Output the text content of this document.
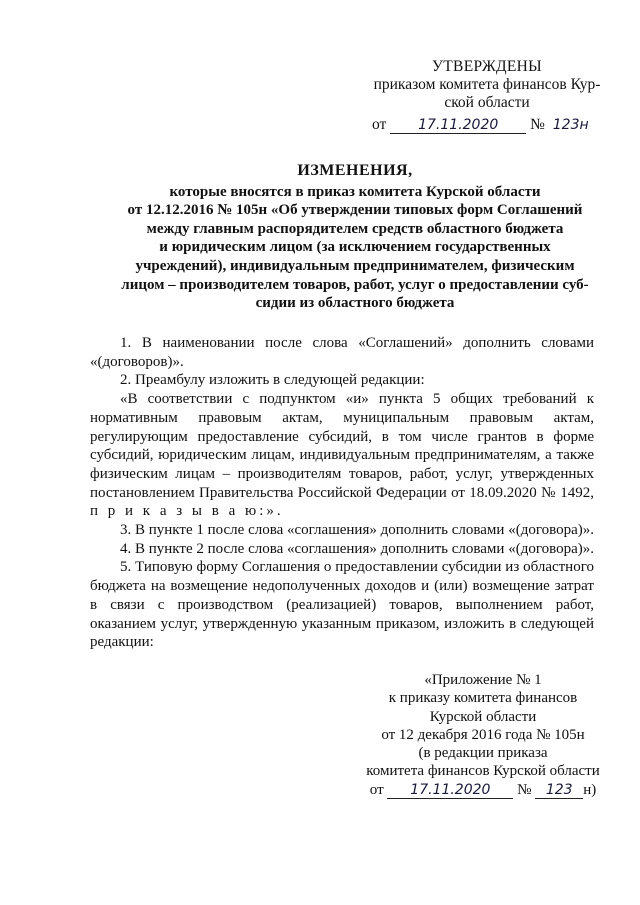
УТВЕРЖДЕНЫ
приказом комитета финансов Кур-
ской области
от 17.11.2020 № 123н
ИЗМЕНЕНИЯ,
которые вносятся в приказ комитета Курской области
от 12.12.2016 № 105н «Об утверждении типовых форм Соглашений
между главным распорядителем средств областного бюджета
и юридическим лицом (за исключением государственных
учреждений), индивидуальным предпринимателем, физическим
лицом – производителем товаров, работ, услуг о предоставлении суб-
сидии из областного бюджета

1. В наименовании после слова «Соглашений» дополнить словами «(договоров)».

2. Преамбулу изложить в следующей редакции:

«В соответствии с подпунктом «и» пункта 5 общих требований к нормативным правовым актам, муниципальным правовым актам, регулирующим предоставление субсидий, в том числе грантов в форме субсидий, юридическим лицам, индивидуальным предпринимателям, а также физическим лицам – производителям товаров, работ, услуг, утвержденных постановлением Правительства Российской Федерации от 18.09.2020 № 1492, п р и к а з ы в а ю:».

3. В пункте 1 после слова «соглашения» дополнить словами «(договора)».

4. В пункте 2 после слова «соглашения» дополнить словами «(договора)».

5. Типовую форму Соглашения о предоставлении субсидии из областного бюджета на возмещение недополученных доходов и (или) возмещение затрат в связи с производством (реализацией) товаров, выполнением работ, оказанием услуг, утвержденную указанным приказом, изложить в следующей редакции:

«Приложение № 1
к приказу комитета финансов
Курской области
от 12 декабря 2016 года № 105н
(в редакции приказа
комитета финансов Курской области
от 17.11.2020 № 123 н)
